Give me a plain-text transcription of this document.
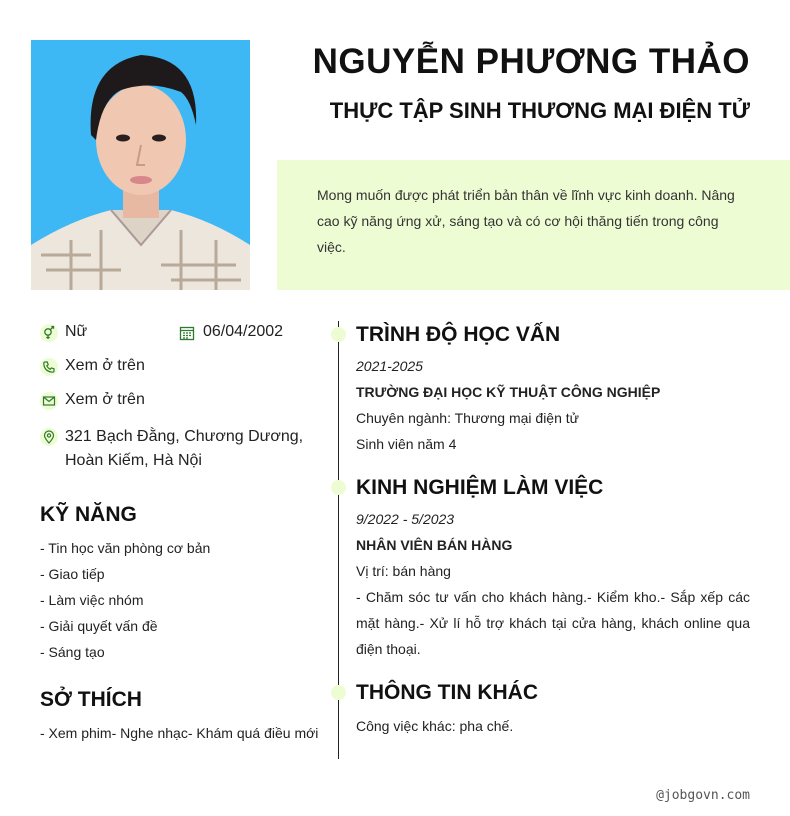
NGUYỄN PHƯƠNG THẢO
THỰC TẬP SINH THƯƠNG MẠI ĐIỆN TỬ
Mong muốn được phát triển bản thân về lĩnh vực kinh doanh. Nâng cao kỹ năng ứng xử, sáng tạo và có cơ hội thăng tiến trong công việc.
Nữ	06/04/2002
Xem ở trên
Xem ở trên
321 Bạch Đằng, Chương Dương, Hoàn Kiếm, Hà Nội
KỸ NĂNG
- Tin học văn phòng cơ bản
- Giao tiếp
- Làm việc nhóm
- Giải quyết vấn đề
- Sáng tạo
SỞ THÍCH
- Xem phim- Nghe nhạc- Khám quá điều mới
TRÌNH ĐỘ HỌC VẤN
2021-2025
TRƯỜNG ĐẠI HỌC KỸ THUẬT CÔNG NGHIỆP
Chuyên ngành: Thương mại điện tử
Sinh viên năm 4
KINH NGHIỆM LÀM VIỆC
9/2022 - 5/2023
NHÂN VIÊN BÁN HÀNG
Vị trí: bán hàng
- Chăm sóc tư vấn cho khách hàng.- Kiểm kho.- Sắp xếp các mặt hàng.- Xử lí hỗ trợ khách tại cửa hàng, khách online qua điện thoại.
THÔNG TIN KHÁC
Công việc khác: pha chế.
@jobgovn.com
